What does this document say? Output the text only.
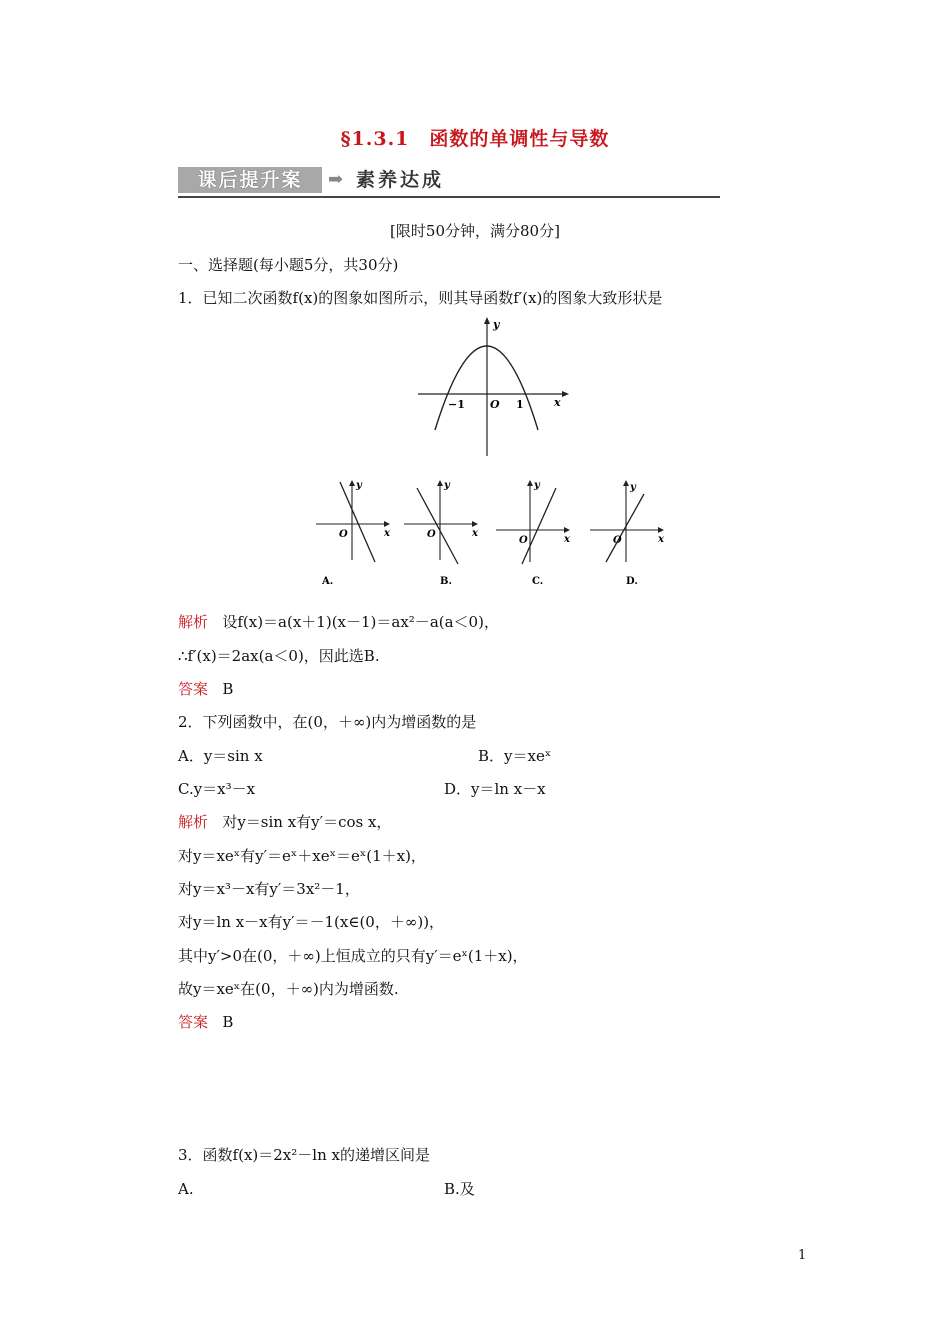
§1.3.1　函数的单调性与导数
课后提升案	➡ 素养达成
[限时50分钟，满分80分]
一、选择题(每小题5分，共30分)
1．已知二次函数f(x)的图象如图所示，则其导函数f′(x)的图象大致形状是
y
x
O
−1	1
y
x
O
A.
y
x
O
B.
y
x
O
C.
y
x
O
D.
解析 设f(x)＝a(x＋1)(x－1)＝ax²－a(a＜0)，
∴f′(x)＝2ax(a＜0)，因此选B.
答案 B
2．下列函数中，在(0，＋∞)内为增函数的是
A．y＝sin x	B．y＝xeˣ
C.y＝x³－x	D．y＝ln x－x
解析 对y＝sin x有y′＝cos x，
对y＝xeˣ有y′＝eˣ＋xeˣ＝eˣ(1＋x)，
对y＝x³－x有y′＝3x²－1，
对y＝ln x－x有y′＝－1(x∈(0，＋∞))，
其中y′>0在(0，＋∞)上恒成立的只有y′＝eˣ(1＋x)，
故y＝xeˣ在(0，＋∞)内为增函数.
答案 B
3．函数f(x)＝2x²－ln x的递增区间是
A.	B.及
1
